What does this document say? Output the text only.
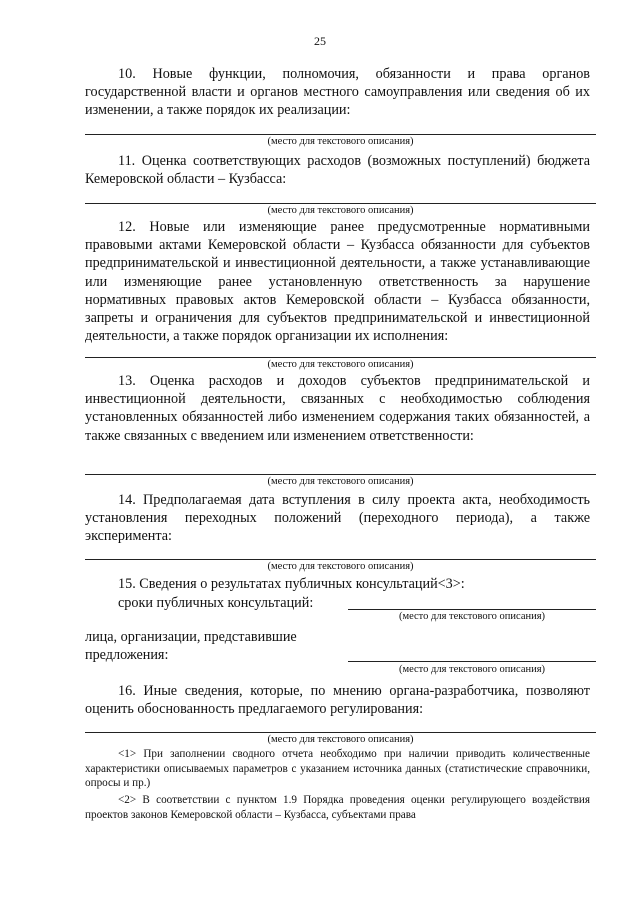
25

10. Новые функции, полномочия, обязанности и права органов государственной власти и органов местного самоуправления или сведения об их изменении, а также порядок их реализации:

(место для текстового описания)

11. Оценка соответствующих расходов (возможных поступлений) бюджета Кемеровской области – Кузбасса:

(место для текстового описания)

12. Новые или изменяющие ранее предусмотренные нормативными правовыми актами Кемеровской области – Кузбасса обязанности для субъектов предпринимательской и инвестиционной деятельности, а также устанавливающие или изменяющие ранее установленную ответственность за нарушение нормативных правовых актов Кемеровской области – Кузбасса обязанности, запреты и ограничения для субъектов предпринимательской и инвестиционной деятельности, а также порядок организации их исполнения:

(место для текстового описания)

13. Оценка расходов и доходов субъектов предпринимательской и инвестиционной деятельности, связанных с необходимостью соблюдения установленных обязанностей либо изменением содержания таких обязанностей, а также связанных с введением или изменением ответственности:

(место для текстового описания)

14. Предполагаемая дата вступления в силу проекта акта, необходимость установления переходных положений (переходного периода), а также эксперимента:

(место для текстового описания)
15. Сведения о результатах публичных консультаций<3>:
сроки публичных консультаций:
(место для текстового описания)
лица, организации, представившие
предложения:
(место для текстового описания)

16. Иные сведения, которые, по мнению органа-разработчика, позволяют оценить обоснованность предлагаемого регулирования:

(место для текстового описания)

<1> При заполнении сводного отчета необходимо при наличии приводить количественные характеристики описываемых параметров с указанием источника данных (статистические справочники, опросы и пр.)

<2> В соответствии с пунктом 1.9 Порядка проведения оценки регулирующего воздействия проектов законов Кемеровской области – Кузбасса, субъектами права
